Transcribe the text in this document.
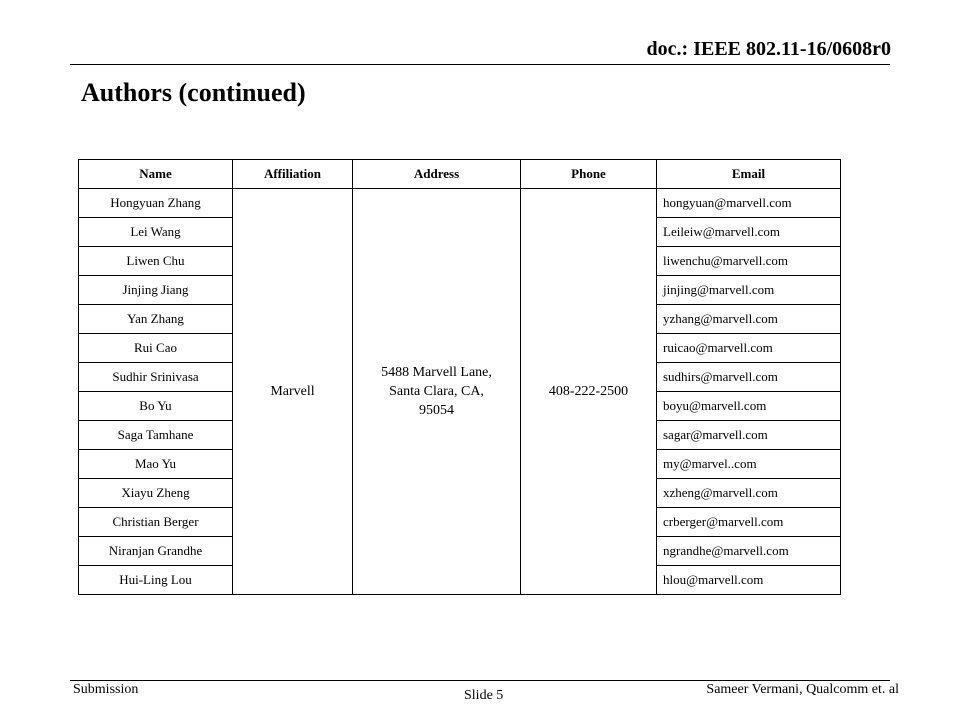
doc.: IEEE 802.11-16/0608r0
Authors (continued)
Name	Affiliation	Address	Phone	Email
Hongyuan Zhang	Marvell	5488 Marvell Lane,
Santa Clara, CA,
95054	408-222-2500	hongyuan@marvell.com
Lei Wang				Leileiw@marvell.com
Liwen Chu				liwenchu@marvell.com
Jinjing Jiang				jinjing@marvell.com
Yan Zhang				yzhang@marvell.com
Rui Cao				ruicao@marvell.com
Sudhir Srinivasa				sudhirs@marvell.com
Bo Yu				boyu@marvell.com
Saga Tamhane				sagar@marvell.com
Mao Yu				my@marvel..com
Xiayu Zheng				xzheng@marvell.com
Christian Berger				crberger@marvell.com
Niranjan Grandhe				ngrandhe@marvell.com
Hui-Ling Lou				hlou@marvell.com
Submission	Slide 5	Sameer Vermani, Qualcomm et. al
